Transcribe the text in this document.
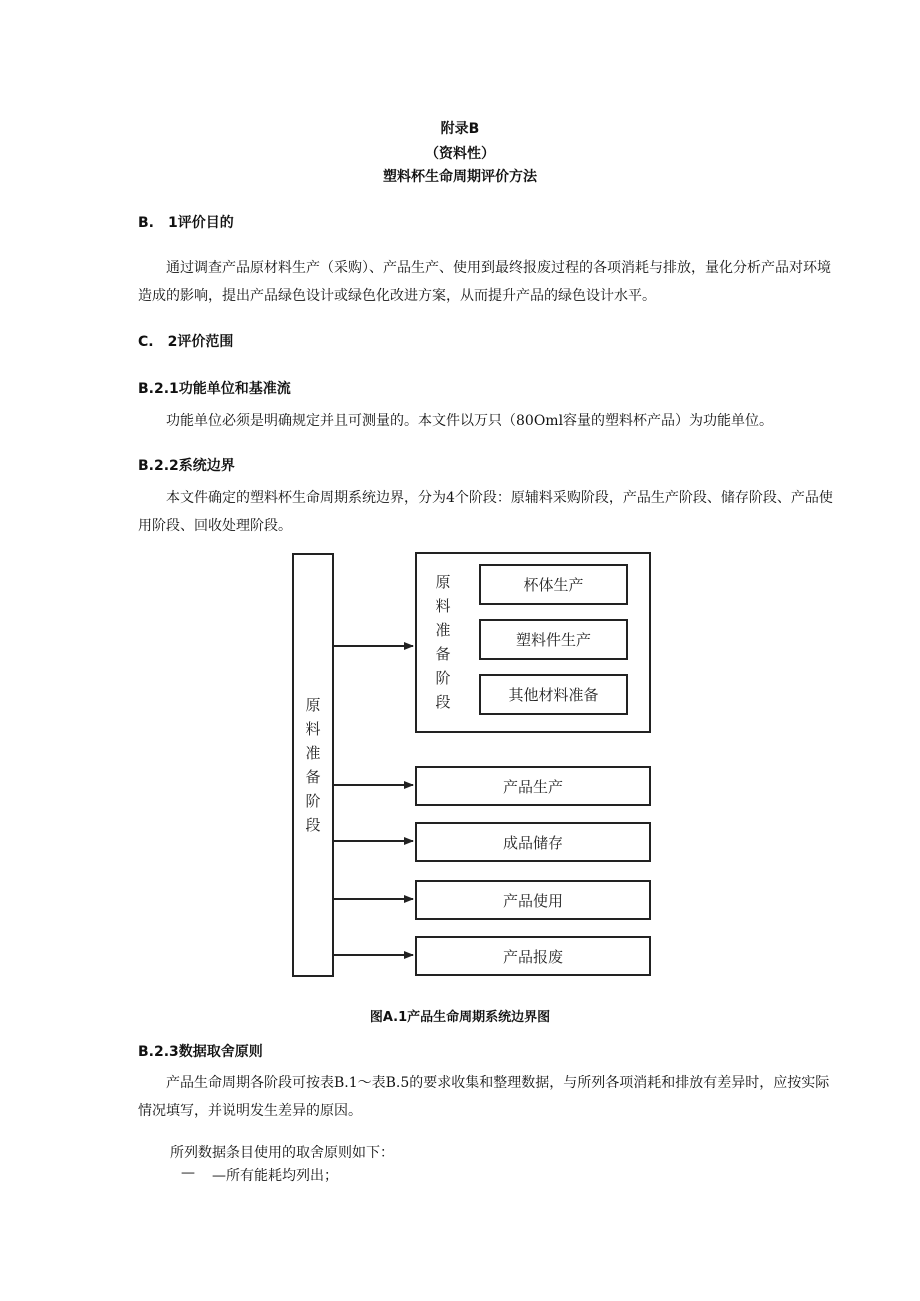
附录B
（资料性）
塑料杯生命周期评价方法
B.　1评价目的

通过调查产品原材料生产（采购）、产品生产、使用到最终报废过程的各项消耗与排放，量化分析产品对环境造成的影响，提出产品绿色设计或绿色化改进方案，从而提升产品的绿色设计水平。

C.　2评价范围
B.2.1功能单位和基准流

功能单位必须是明确规定并且可测量的。本文件以万只（80Oml容量的塑料杯产品）为功能单位。

B.2.2系统边界

本文件确定的塑料杯生命周期系统边界，分为4个阶段：原辅料采购阶段，产品生产阶段、储存阶段、产品使用阶段、回收处理阶段。

原料准备阶段
原料准备阶段
杯体生产
塑料件生产
其他材料准备
产品生产
成品储存
产品使用
产品报废
图A.1产品生命周期系统边界图
B.2.3数据取舍原则

产品生命周期各阶段可按表B.1～表B.5的要求收集和整理数据，与所列各项消耗和排放有差异时，应按实际情况填写，并说明发生差异的原因。

所列数据条目使用的取舍原则如下：
— —所有能耗均列出；
